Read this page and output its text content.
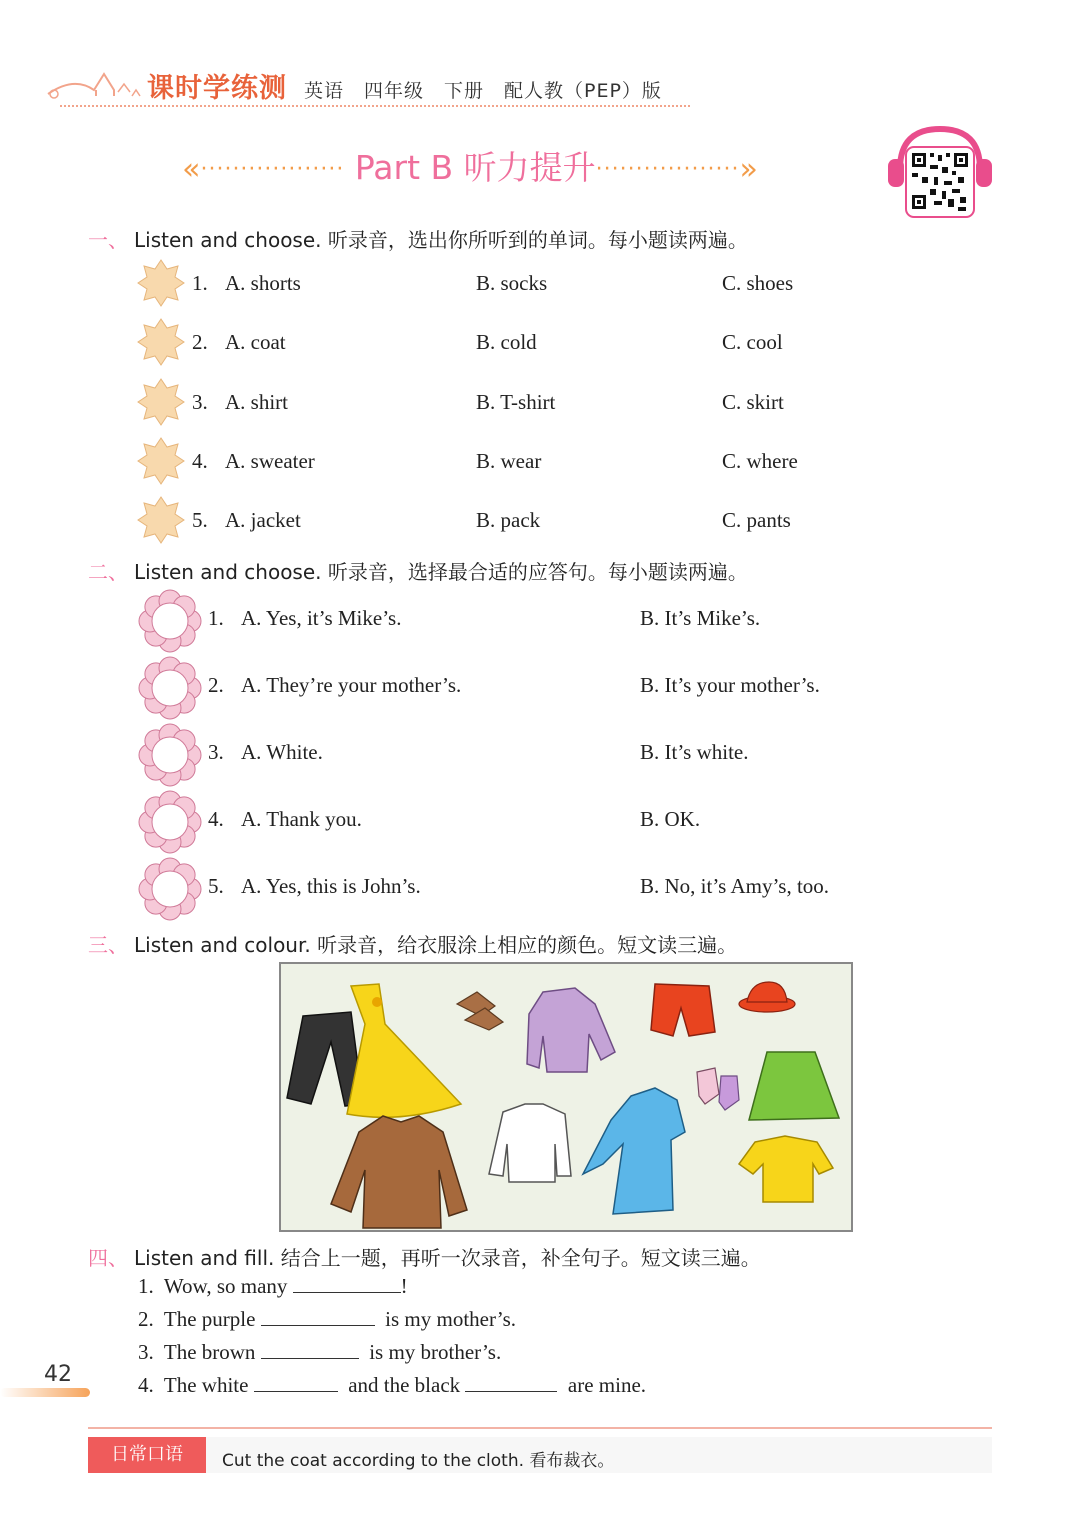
课时学练测 英语　四年级　下册　配人教（PEP）版
«·················· Part B 听力提升··················»
一、 Listen and choose. 听录音，选出你所听到的单词。每小题读两遍。
1. A. shorts	B. socks	C. shoes
2. A. coat	B. cold	C. cool
3. A. shirt	B. T-shirt	C. skirt
4. A. sweater	B. wear	C. where
5. A. jacket	B. pack	C. pants
二、 Listen and choose. 听录音，选择最合适的应答句。每小题读两遍。
1. A. Yes, it’s Mike’s.	B. It’s Mike’s.
2. A. They’re your mother’s.	B. It’s your mother’s.
3. A. White.	B. It’s white.
4. A. Thank you.	B. OK.
5. A. Yes, this is John’s.	B. No, it’s Amy’s, too.
三、 Listen and colour. 听录音，给衣服涂上相应的颜色。短文读三遍。
四、 Listen and fill. 结合上一题，再听一次录音，补全句子。短文读三遍。
1. Wow, so many	!
2. The purple	is my mother’s.
3. The brown	is my brother’s.
4. The white	and the black	are mine.
42
日常口语	Cut the coat according to the cloth. 看布裁衣。
